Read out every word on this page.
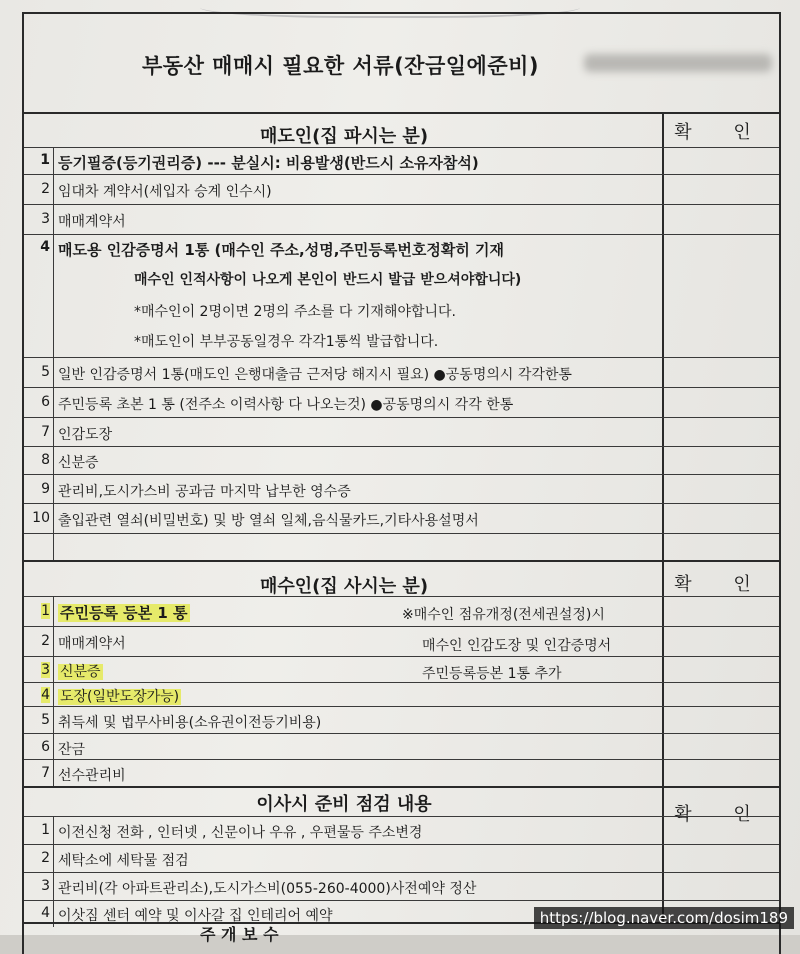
부동산 매매시 필요한 서류(잔금일에준비)
매도인(집 파시는 분)	확 인
1 등기필증(등기권리증) --- 분실시: 비용발생(반드시 소유자참석)
2 임대차 계약서(세입자 승계 인수시)
3 매매계약서
4 매도용 인감증명서 1통 (매수인 주소,성명,주민등록번호정확히 기재
매수인 인적사항이 나오게 본인이 반드시 발급 받으셔야합니다)
*매수인이 2명이면 2명의 주소를 다 기재해야합니다.
*매도인이 부부공동일경우 각각1통씩 발급합니다.
5 일반 인감증명서 1통(매도인 은행대출금 근저당 해지시 필요) ●공동명의시 각각한통
6 주민등록 초본 1 통 (전주소 이력사항 다 나오는것) ●공동명의시 각각 한통
7 인감도장
8 신분증
9 관리비,도시가스비 공과금 마지막 납부한 영수증
10 출입관련 열쇠(비밀번호) 및 방 열쇠 일체,음식물카드,기타사용설명서
매수인(집 사시는 분)	확 인
1 주민등록 등본 1 통	※매수인 점유개정(전세권설정)시
2 매매계약서	매수인 인감도장 및 인감증명서
3 신분증	주민등록등본 1통 추가
4 도장(일반도장가능)
5 취득세 및 법무사비용(소유권이전등기비용)
6 잔금
7 선수관리비
이사시 준비 점검 내용	확 인
1 이전신청 전화 , 인터넷 , 신문이나 우유 , 우편물등 주소변경
2 세탁소에 세탁물 점검
3 관리비(각 아파트관리소),도시가스비(055-260-4000)사전예약 정산
4 이삿짐 센터 예약 및 이사갈 집 인테리어 예약
주 개 보 수
https://blog.naver.com/dosim189
